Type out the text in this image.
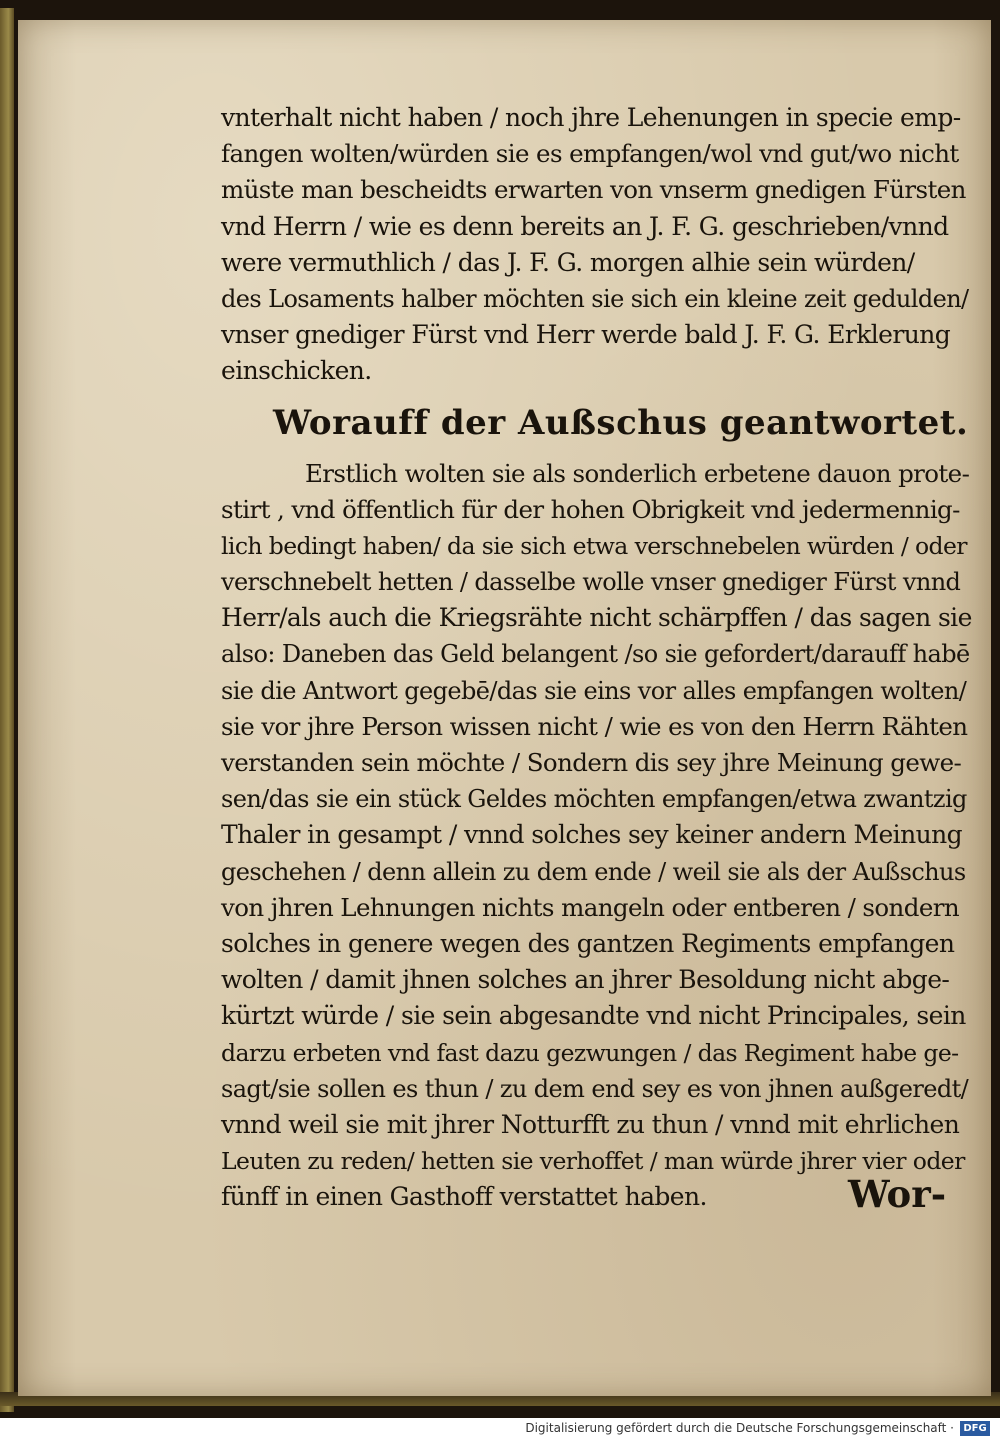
vnterhalt nicht haben / noch jhre Lehenungen in specie emp-
fangen wolten/würden sie es empfangen/wol vnd gut/wo nicht
müste man bescheidts erwarten von vnserm gnedigen Fürsten
vnd Herrn / wie es denn bereits an J. F. G. geschrieben/vnnd
were vermuthlich / das J. F. G. morgen alhie sein würden/
des Losaments halber möchten sie sich ein kleine zeit gedulden/
vnser gnediger Fürst vnd Herr werde bald J. F. G. Erklerung
einschicken.
Worauff der Außschus geantwortet.
Erstlich wolten sie als sonderlich erbetene dauon prote-
stirt , vnd öffentlich für der hohen Obrigkeit vnd jedermennig-
lich bedingt haben/ da sie sich etwa verschnebelen würden / oder
verschnebelt hetten / dasselbe wolle vnser gnediger Fürst vnnd
Herr/als auch die Kriegsrähte nicht schärpffen / das sagen sie
also: Daneben das Geld belangent /so sie gefordert/darauff habē
sie die Antwort gegebē/das sie eins vor alles empfangen wolten/
sie vor jhre Person wissen nicht / wie es von den Herrn Rähten
verstanden sein möchte / Sondern dis sey jhre Meinung gewe-
sen/das sie ein stück Geldes möchten empfangen/etwa zwantzig
Thaler in gesampt / vnnd solches sey keiner andern Meinung
geschehen / denn allein zu dem ende / weil sie als der Außschus
von jhren Lehnungen nichts mangeln oder entberen / sondern
solches in genere wegen des gantzen Regiments empfangen
wolten / damit jhnen solches an jhrer Besoldung nicht abge-
kürtzt würde / sie sein abgesandte vnd nicht Principales, sein
darzu erbeten vnd fast dazu gezwungen / das Regiment habe ge-
sagt/sie sollen es thun / zu dem end sey es von jhnen außgeredt/
vnnd weil sie mit jhrer Notturfft zu thun / vnnd mit ehrlichen
Leuten zu reden/ hetten sie verhoffet / man würde jhrer vier oder
fünff in einen Gasthoff verstattet haben.	Wor-
Digitalisierung gefördert durch die Deutsche Forschungsgemeinschaft · DFG
